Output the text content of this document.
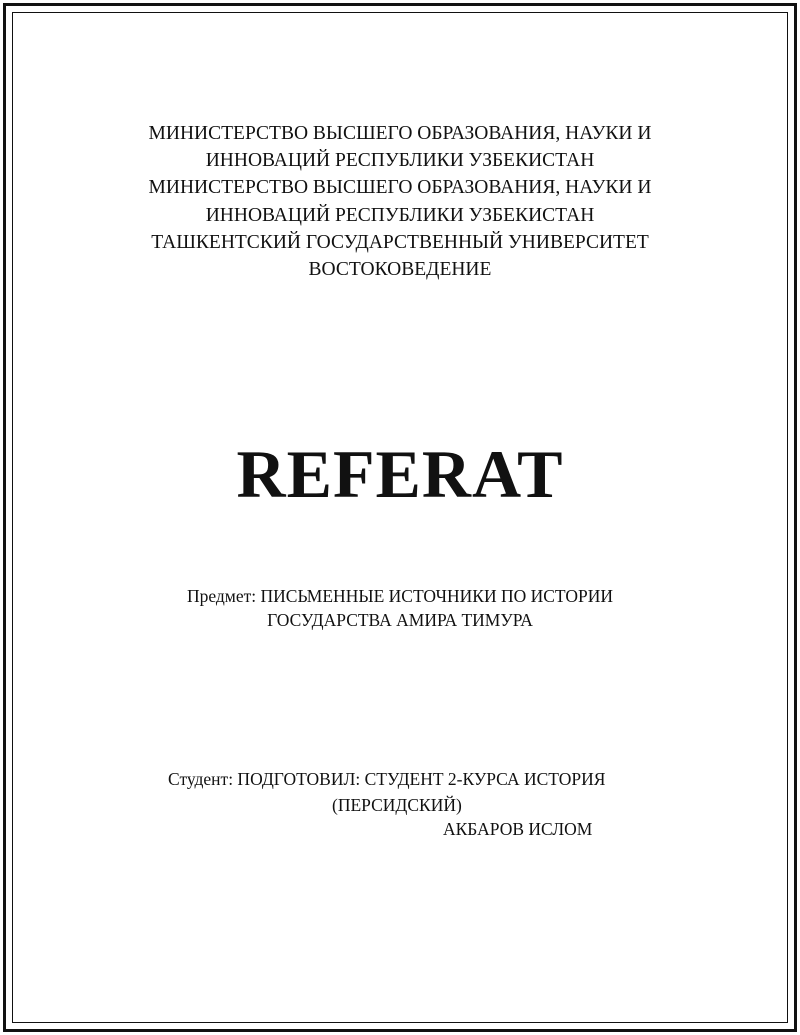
МИНИСТЕРСТВО ВЫСШЕГО ОБРАЗОВАНИЯ, НАУКИ И
ИННОВАЦИЙ РЕСПУБЛИКИ УЗБЕКИСТАН
МИНИСТЕРСТВО ВЫСШЕГО ОБРАЗОВАНИЯ, НАУКИ И
ИННОВАЦИЙ РЕСПУБЛИКИ УЗБЕКИСТАН
ТАШКЕНТСКИЙ ГОСУДАРСТВЕННЫЙ УНИВЕРСИТЕТ
ВОСТОКОВЕДЕНИЕ
REFERAT
Предмет: ПИСЬМЕННЫЕ ИСТОЧНИКИ ПО ИСТОРИИ
ГОСУДАРСТВА АМИРА ТИМУРА
Студент: ПОДГОТОВИЛ: СТУДЕНТ 2-КУРСА ИСТОРИЯ
(ПЕРСИДСКИЙ)
АКБАРОВ ИСЛОМ
